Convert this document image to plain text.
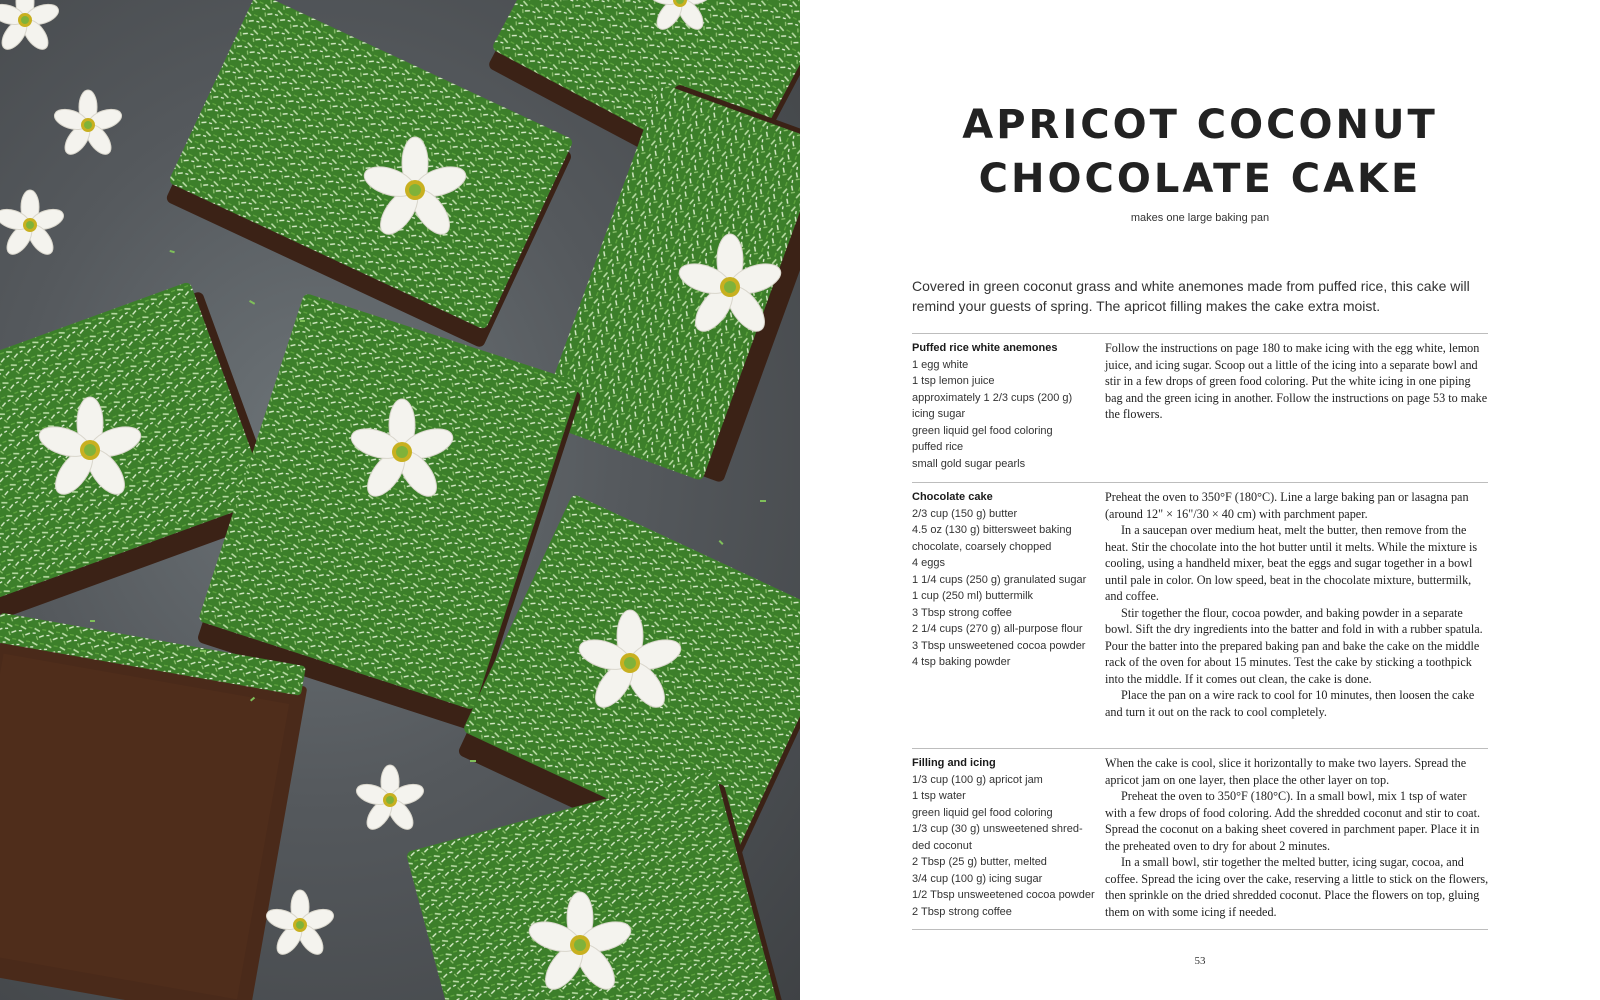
APRICOT COCONUT
CHOCOLATE CAKE
makes one large baking pan
Covered in green coconut grass and white anemones made from puffed rice, this cake will remind your guests of spring. The apricot filling makes the cake extra moist.
Puffed rice white anemones
1 egg white
1 tsp lemon juice
approximately 1 2/3 cups (200 g)
icing sugar
green liquid gel food coloring
puffed rice
small gold sugar pearls

Follow the instructions on page 180 to make icing with the egg white, lemon juice, and icing sugar. Scoop out a little of the icing into a separate bowl and stir in a few drops of green food coloring. Put the white icing in one piping bag and the green icing in another. Follow the instructions on page 53 to make the flowers.

Chocolate cake
2/3 cup (150 g) butter
4.5 oz (130 g) bittersweet baking
chocolate, coarsely chopped
4 eggs
1 1/4 cups (250 g) granulated sugar
1 cup (250 ml) buttermilk
3 Tbsp strong coffee
2 1/4 cups (270 g) all-purpose flour
3 Tbsp unsweetened cocoa powder
4 tsp baking powder

Preheat the oven to 350°F (180°C). Line a large baking pan or lasagna pan (around 12" × 16"/30 × 40 cm) with parchment paper.

In a saucepan over medium heat, melt the butter, then remove from the heat. Stir the chocolate into the hot butter until it melts. While the mixture is cooling, using a handheld mixer, beat the eggs and sugar together in a bowl until pale in color. On low speed, beat in the chocolate mixture, buttermilk, and coffee.

Stir together the flour, cocoa powder, and baking powder in a separate bowl. Sift the dry ingredients into the batter and fold in with a rubber spatula. Pour the batter into the prepared baking pan and bake the cake on the middle rack of the oven for about 15 minutes. Test the cake by sticking a toothpick into the middle. If it comes out clean, the cake is done.

Place the pan on a wire rack to cool for 10 minutes, then loosen the cake and turn it out on the rack to cool completely.

Filling and icing
1/3 cup (100 g) apricot jam
1 tsp water
green liquid gel food coloring
1/3 cup (30 g) unsweetened shred-
ded coconut
2 Tbsp (25 g) butter, melted
3/4 cup (100 g) icing sugar
1/2 Tbsp unsweetened cocoa powder
2 Tbsp strong coffee

When the cake is cool, slice it horizontally to make two layers. Spread the apricot jam on one layer, then place the other layer on top.

Preheat the oven to 350°F (180°C). In a small bowl, mix 1 tsp of water with a few drops of food coloring. Add the shredded coconut and stir to coat. Spread the coconut on a baking sheet covered in parchment paper. Place it in the preheated oven to dry for about 2 minutes.

In a small bowl, stir together the melted butter, icing sugar, cocoa, and coffee. Spread the icing over the cake, reserving a little to stick on the flowers, then sprinkle on the dried shredded coconut. Place the flowers on top, gluing them on with some icing if needed.

53
